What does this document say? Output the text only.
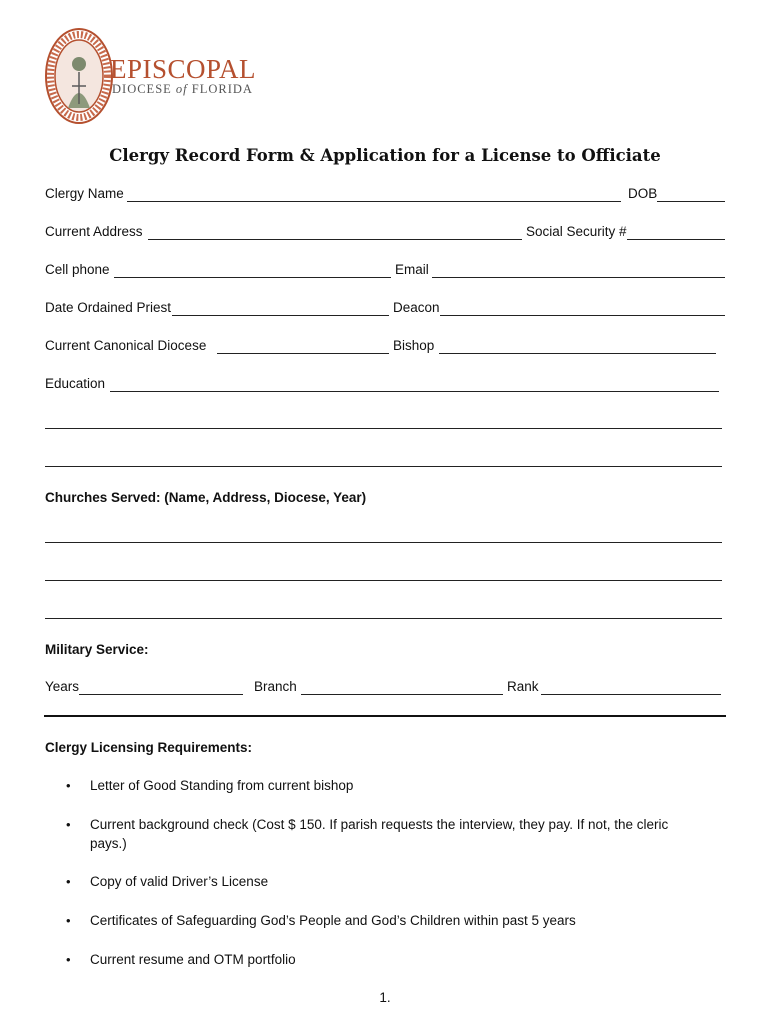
EPISCOPAL
DIOCESE of FLORIDA
Clergy Record Form & Application for a License to Officiate
Clergy Name	DOB
Current Address	Social Security #
Cell phone	Email
Date Ordained Priest	Deacon
Current Canonical Diocese	Bishop
Education
Churches Served: (Name, Address, Diocese, Year)
Military Service:
Years	Branch	Rank
Clergy Licensing Requirements:
• Letter of Good Standing from current bishop
• Current background check (Cost $ 150. If parish requests the interview, they pay. If not, the cleric pays.)
• Copy of valid Driver’s License
• Certificates of Safeguarding God’s People and God’s Children within past 5 years
• Current resume and OTM portfolio
1.
